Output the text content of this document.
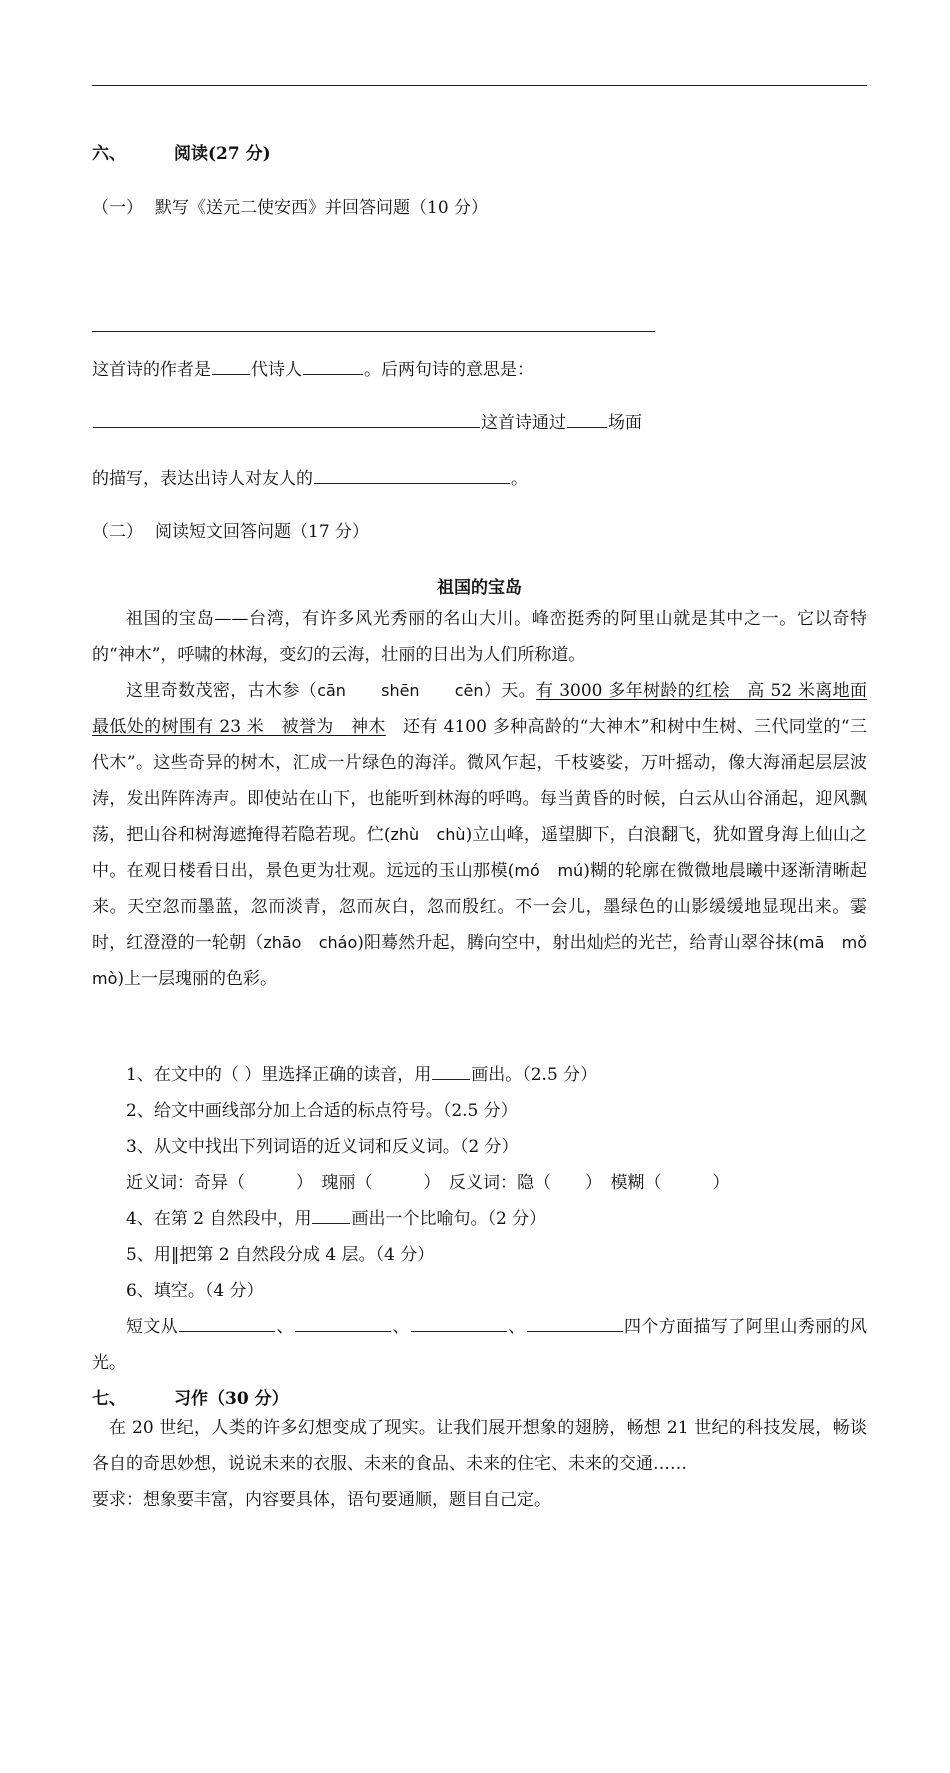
六、	阅读(27 分)
（一） 默写《送元二使安西》并回答问题（10 分）
这首诗的作者是 代诗人	。后两句诗的意思是：
这首诗通过 场面
的描写，表达出诗人对友人的	。
（二） 阅读短文回答问题（17 分）
祖国的宝岛

祖国的宝岛——台湾，有许多风光秀丽的名山大川。峰峦挺秀的阿里山就是其中之一。它以奇特的“神木”，呼啸的林海，变幻的云海，壮丽的日出为人们所称道。

这里奇数茂密，古木参（cān　　 shēn　　 cēn）天。有 3000 多年树龄的红桧　高 52 米离地面最低处的树围有 23 米　被誉为　神木　还有 4100 多种高龄的“大神木”和树中生树、三代同堂的“三代木”。这些奇异的树木，汇成一片绿色的海洋。微风乍起，千枝婆娑，万叶摇动，像大海涌起层层波涛，发出阵阵涛声。即使站在山下，也能听到林海的呼鸣。每当黄昏的时候，白云从山谷涌起，迎风飘荡，把山谷和树海遮掩得若隐若现。伫(zhù　 chù)立山峰，遥望脚下，白浪翻飞，犹如置身海上仙山之中。在观日楼看日出，景色更为壮观。远远的玉山那模(mó　 mú)糊的轮廓在微微地晨曦中逐渐清晰起来。天空忽而墨蓝，忽而淡青，忽而灰白，忽而殷红。不一会儿，墨绿色的山影缓缓地显现出来。霎时，红澄澄的一轮朝（zhāo　 cháo)阳蓦然升起，腾向空中，射出灿烂的光芒，给青山翠谷抹(mā　 mǒ　mò)上一层瑰丽的色彩。

1、在文中的（ ）里选择正确的读音，用 画出。（2.5 分）

2、给文中画线部分加上合适的标点符号。（2.5 分）

3、从文中找出下列词语的近义词和反义词。（2 分）

近义词：奇异（　　　）　瑰丽（　　　）　反义词：隐（　　）　模糊（　　　）

4、在第 2 自然段中，用 画出一个比喻句。（2 分）

5、用‖把第 2 自然段分成 4 层。（4 分）

6、填空。（4 分）

短文从	、	、	、	四个方面描写了阿里山秀丽的风光。

七、	习作（30 分）

在 20 世纪，人类的许多幻想变成了现实。让我们展开想象的翅膀，畅想 21 世纪的科技发展，畅谈各自的奇思妙想，说说未来的衣服、未来的食品、未来的住宅、未来的交通……

要求：想象要丰富，内容要具体，语句要通顺，题目自己定。
